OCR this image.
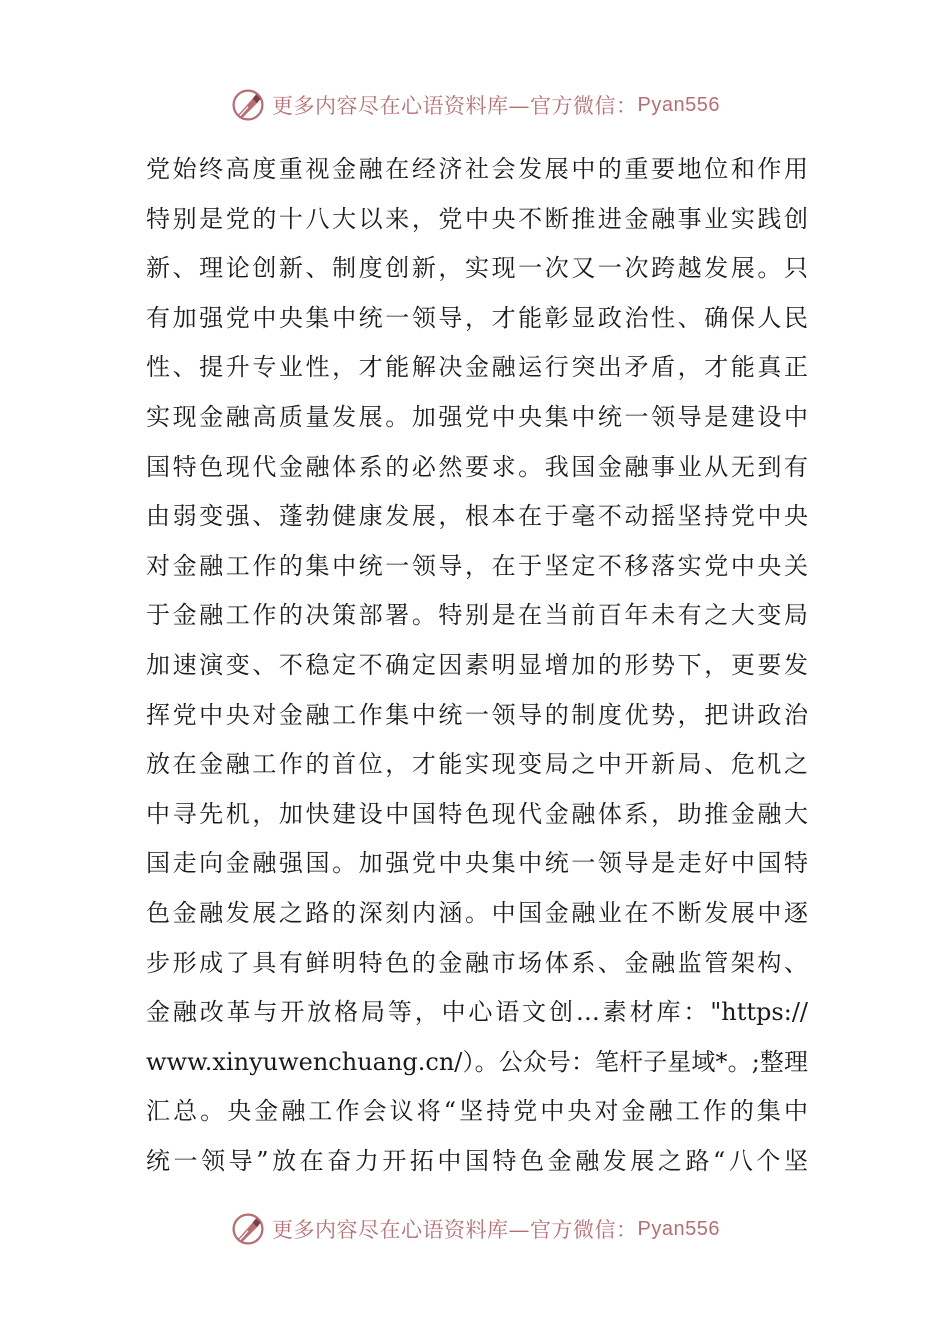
更多内容尽在心语资料库—官方微信： Pyan556
党始终高度重视金融在经济社会发展中的重要地位和作用
特别是党的十八大以来，党中央不断推进金融事业实践创
新、理论创新、制度创新，实现一次又一次跨越发展。只
有加强党中央集中统一领导，才能彰显政治性、确保人民
性、提升专业性，才能解决金融运行突出矛盾，才能真正
实现金融高质量发展。加强党中央集中统一领导是建设中
国特色现代金融体系的必然要求。我国金融事业从无到有
由弱变强、蓬勃健康发展，根本在于毫不动摇坚持党中央
对金融工作的集中统一领导，在于坚定不移落实党中央关
于金融工作的决策部署。特别是在当前百年未有之大变局
加速演变、不稳定不确定因素明显增加的形势下，更要发
挥党中央对金融工作集中统一领导的制度优势，把讲政治
放在金融工作的首位，才能实现变局之中开新局、危机之
中寻先机，加快建设中国特色现代金融体系，助推金融大
国走向金融强国。加强党中央集中统一领导是走好中国特
色金融发展之路的深刻内涵。中国金融业在不断发展中逐
步形成了具有鲜明特色的金融市场体系、金融监管架构、
金融改革与开放格局等，中心语文创…素材库："https://
www.xinyuwenchuang.cn/）。公众号：笔杆子星域*。;整理
汇总。央金融工作会议将“坚持党中央对金融工作的集中
统一领导”放在奋力开拓中国特色金融发展之路“八个坚
更多内容尽在心语资料库—官方微信： Pyan556
